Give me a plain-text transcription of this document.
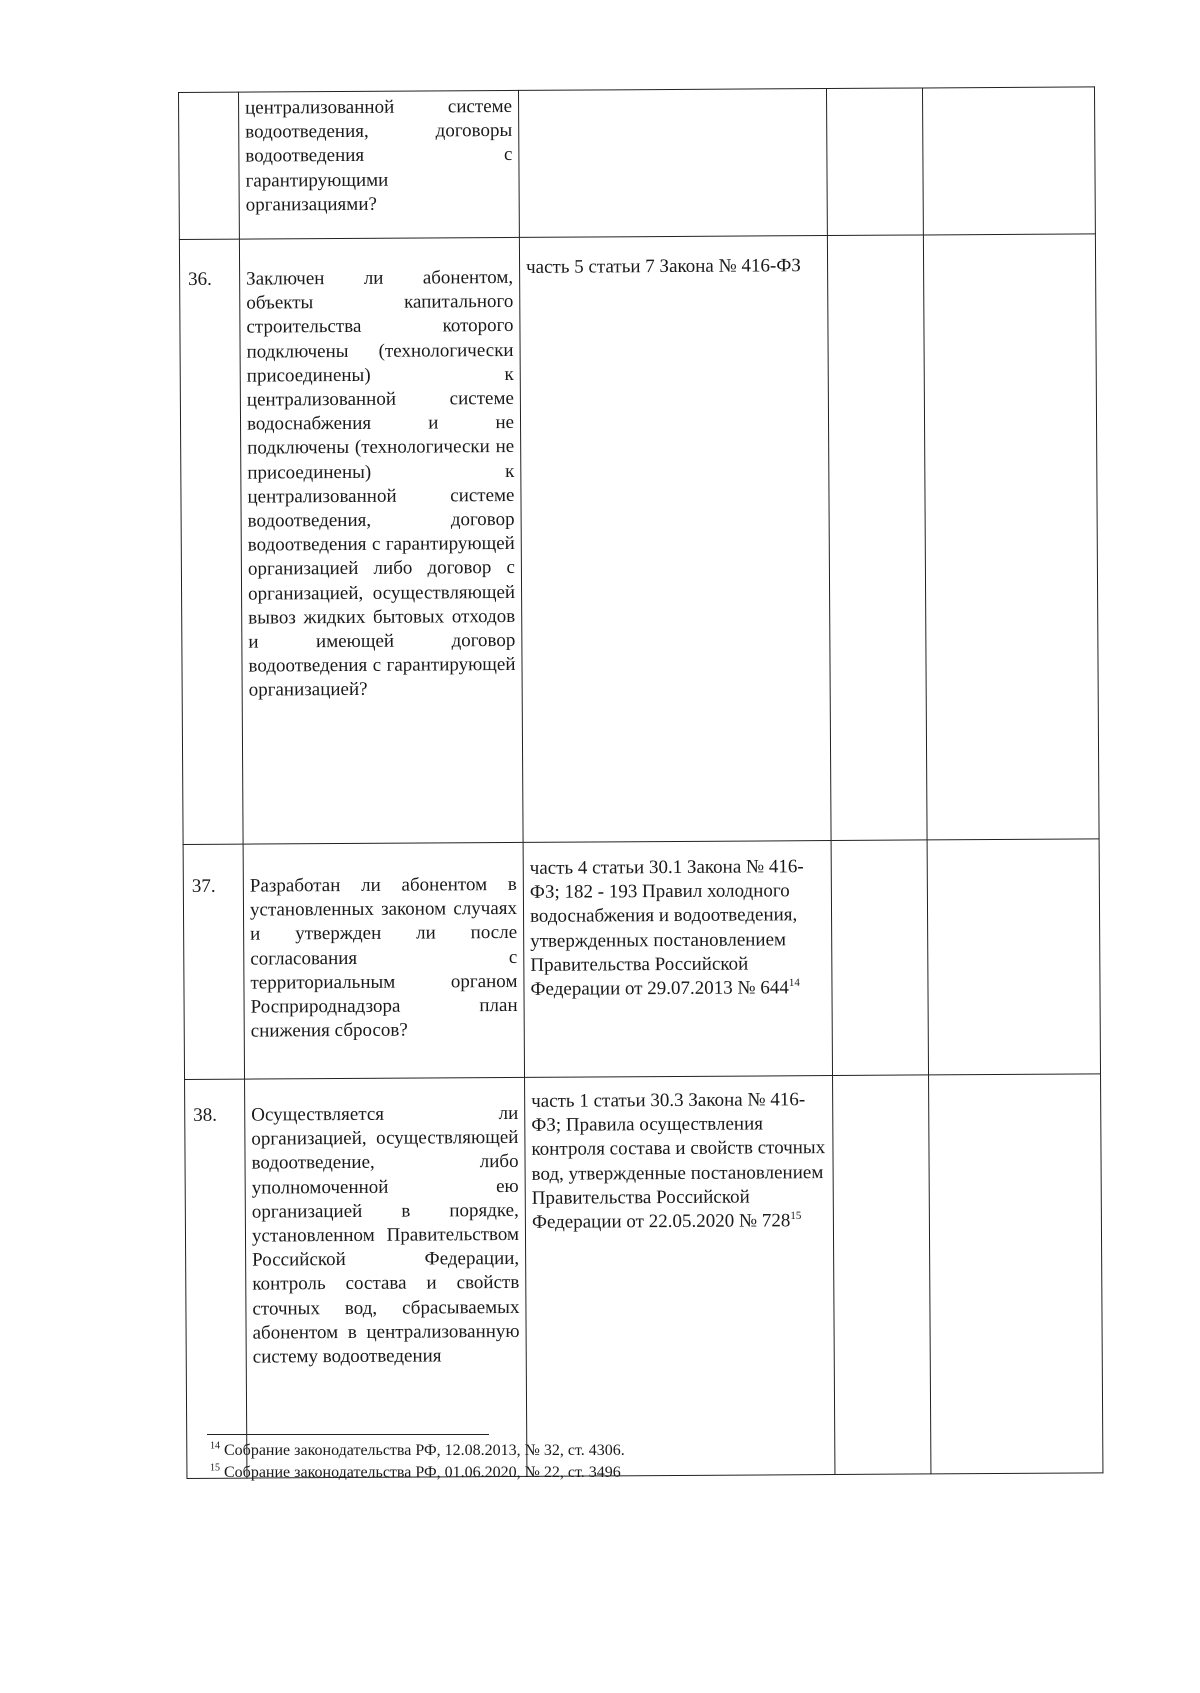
	централизованной системе водоотведения, договоры водоотведения с гарантирующими организациями?			
36.	Заключен ли абонентом, объекты капитального строительства которого подключены (технологически присоединены) к централизованной системе водоснабжения и не подключены (технологически не присоединены) к централизованной системе водоотведения, договор водоотведения с гарантирующей организацией либо договор с организацией, осуществляющей вывоз жидких бытовых отходов и имеющей договор водоотведения с гарантирующей организацией?	часть 5 статьи 7 Закона № 416-ФЗ		
37.	Разработан ли абонентом в установленных законом случаях и утвержден ли после согласования с территориальным органом Росприроднадзора план снижения сбросов?	часть 4 статьи 30.1 Закона № 416-ФЗ; 182 - 193 Правил холодного водоснабжения и водоотведения, утвержденных постановлением Правительства Российской Федерации от 29.07.2013 № $644^{14}$		
38.	Осуществляется ли организацией, осуществляющей водоотведение, либо уполномоченной ею организацией в порядке, установленном Правительством Российской Федерации, контроль состава и свойств сточных вод, сбрасываемых абонентом в централизованную систему водоотведения	часть 1 статьи 30.3 Закона № 416-ФЗ; Правила осуществления контроля состава и свойств сточных вод, утвержденные постановлением Правительства Российской Федерации от 22.05.2020 № $728^{15}$		
$^{14}$ Собрание законодательства РФ, 12.08.2013, № 32, ст. 4306.
$^{15}$ Собрание законодательства РФ, 01.06.2020, № 22, ст. 3496
